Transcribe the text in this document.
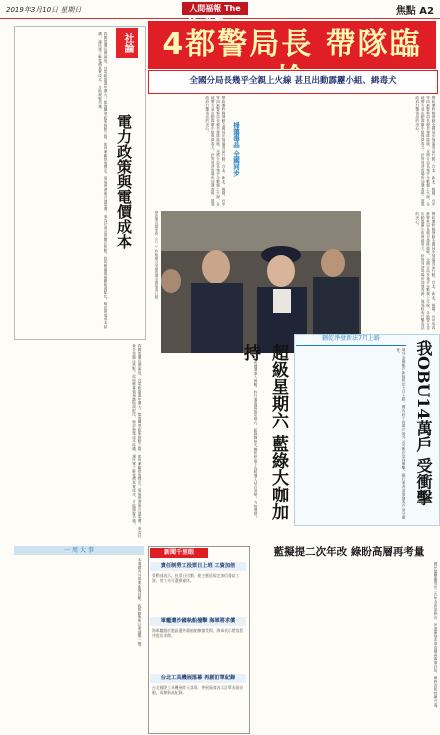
2019年3月10日 星期日	人間福報 The	焦點 A2
社論
電力政策與電價成本
我國電價長期偏低，台電虧損連年擴大，能源轉型政策推動之際，如何兼顧供電穩定、環境保護與合理電價，成為社會各界關注焦點。政府應審慎規劃能源配比，檢討發電成本結構，讓民眾了解電價真實成本，方能凝聚共識。
我國電價長期偏低，台電虧損連年擴大，能源轉型政策推動之際，如何兼顧供電穩定、環境保護與合理電價，成為社會各界關注焦點。政府應審慎規劃能源配比，檢討發電成本結構，讓民眾了解電價真實成本，方能凝聚共識。
4都警局長 帶隊臨
全國分局長幾乎全親上火線 甚且出動霹靂小組、緝毒犬
警政署昨晚發動全國同步掃蕩毒品行動，台北、新北、桃園、台中等四都警察局長親自帶隊臨檢，全國分局長幾乎全數親上火線，各地警方並出動霹靂小組與緝毒犬，針對易涉毒場所加強查緝，展現政府打擊毒品的決心。
掃蕩毒品 全國同步	警政署昨晚發動全國同步掃蕩毒品行動，台北、新北、桃園、台中等四都警察局長親自帶隊臨檢，全國分局長幾乎全數親上火線，各地警方並出動霹靂小組與緝毒犬，針對易涉毒場所加強查緝，展現政府打擊毒品的決心。
警政署昨晚發動全國同步掃蕩毒品行動，台北、新北、桃園、台中等四都警察局長親自帶隊臨檢，全國分局長幾乎全數親上火線，各地警方並出動霹靂小組與緝毒犬，針對易涉毒場所加強查緝，展現政府打擊毒品的決心。
警政署長陳家欽（右二）昨晚親自坐鎮指揮全國掃毒行動。
超級星期六 藍綠大咖加持
立委補選進入倒數，昨日適逢超級星期六，藍綠陣營大咖紛紛南下為候選人站台造勢，力拚選情。
刪乾淨發新法7月上路
我OBU14萬戶 受衝擊
境外金融帳戶新制將於七月上路，國內約十四萬戶境外公司帳戶受到衝擊，銀行業者須加強客戶身分審查。
一 周 大 事
本週國內外重要新聞回顧，政經動態與社會議題一覽。
新聞千里眼
責任制勞工投票日上班 工資加倍
勞動部表示，投票日出勤，雇主應依規定加倍發給工資，勞工亦可選擇補休。
軍艦遭沙國執船撞擊 海軍將求償
海軍艦艇於港區遭外籍船舶擦撞受損，海軍表示將依程序提出求償。
台北工具機展落幕 再創訂單紀錄
台北國際工具機展昨天落幕，參展廠商表示訂單表現亮眼，再創新高紀錄。
藍擬提二次年改 綠盼高層再考量
國民黨團擬提出二次年金改革修法，民進黨則希望高層再審慎評估，朝野攻防持續升溫。
